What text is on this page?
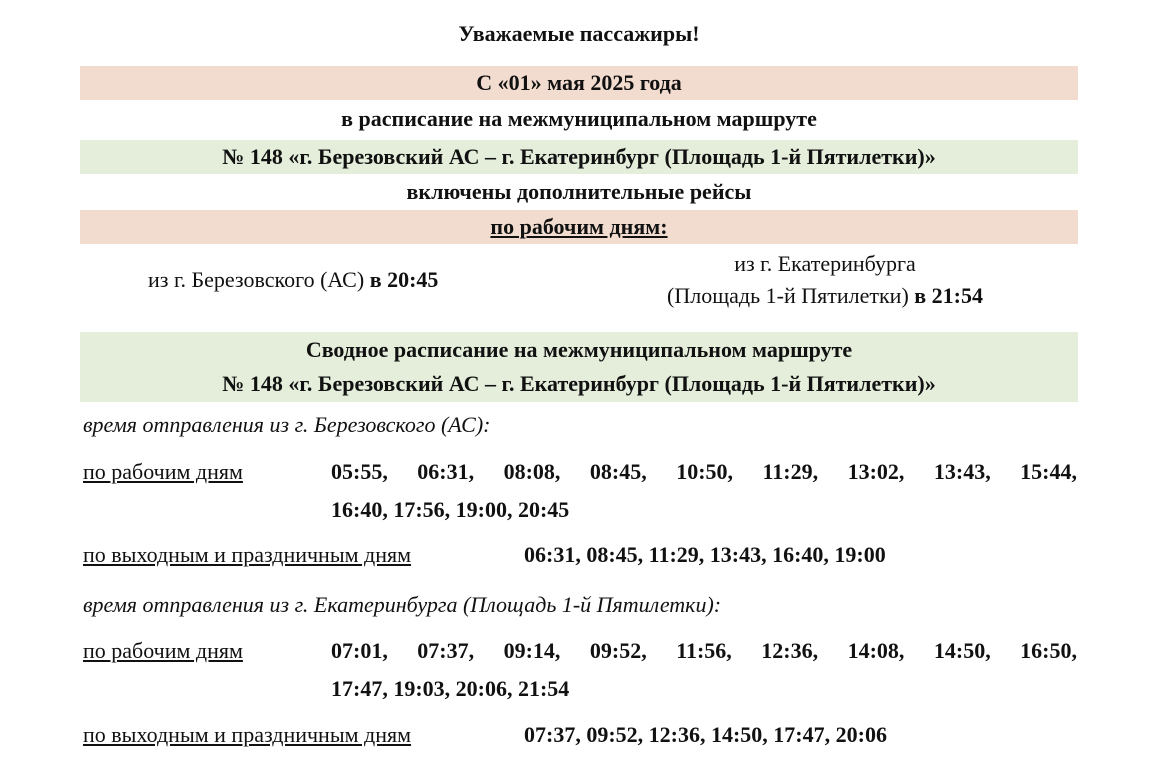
Уважаемые пассажиры!
С «01» мая 2025 года
в расписание на межмуниципальном маршруте
№ 148 «г. Березовский АС – г. Екатеринбург (Площадь 1-й Пятилетки)»
включены дополнительные рейсы
по рабочим дням:
из г. Березовского (АС) в 20:45
из г. Екатеринбурга
(Площадь 1-й Пятилетки) в 21:54
Сводное расписание на межмуниципальном маршруте
№ 148 «г. Березовский АС – г. Екатеринбург (Площадь 1-й Пятилетки)»
время отправления из г. Березовского (АС):
по рабочим дням	05:55, 06:31, 08:08, 08:45, 10:50, 11:29, 13:02, 13:43, 15:44,
16:40, 17:56, 19:00, 20:45
по выходным и праздничным дням	06:31, 08:45, 11:29, 13:43, 16:40, 19:00
время отправления из г. Екатеринбурга (Площадь 1-й Пятилетки):
по рабочим дням	07:01, 07:37, 09:14, 09:52, 11:56, 12:36, 14:08, 14:50, 16:50,
17:47, 19:03, 20:06, 21:54
по выходным и праздничным дням	07:37, 09:52, 12:36, 14:50, 17:47, 20:06
